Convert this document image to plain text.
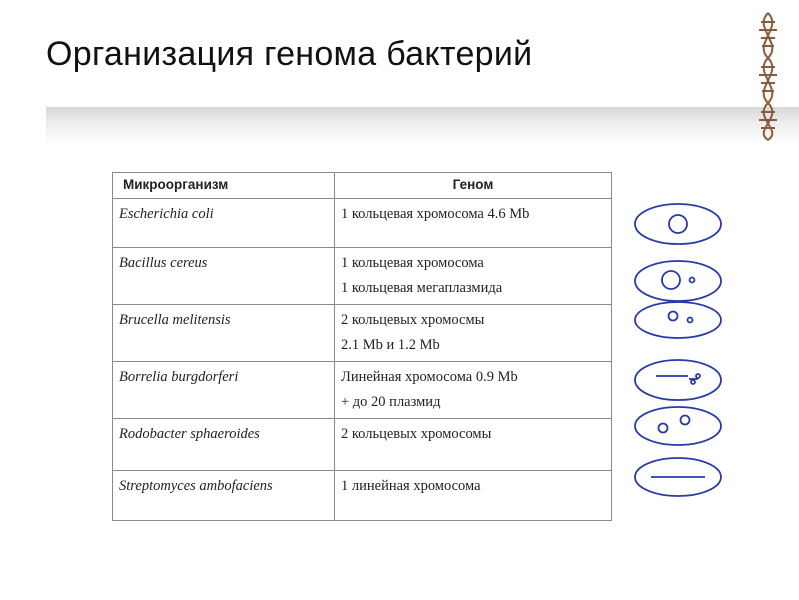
Организация генома бактерий
Микроорганизм	Геном

Escherichia coli	1 кольцевая хромосома 4.6 Mb

Bacillus cereus	1 кольцевая хромосома
1 кольцевая мегаплазмида

Brucella melitensis	2 кольцевых хромосмы
2.1 Mb и 1.2 Mb

Borrelia burgdorferi	Линейная хромосома 0.9 Mb
+ до 20 плазмид

Rodobacter sphaeroides	2 кольцевых хромосомы

Streptomyces ambofaciens	1 линейная хромосома
